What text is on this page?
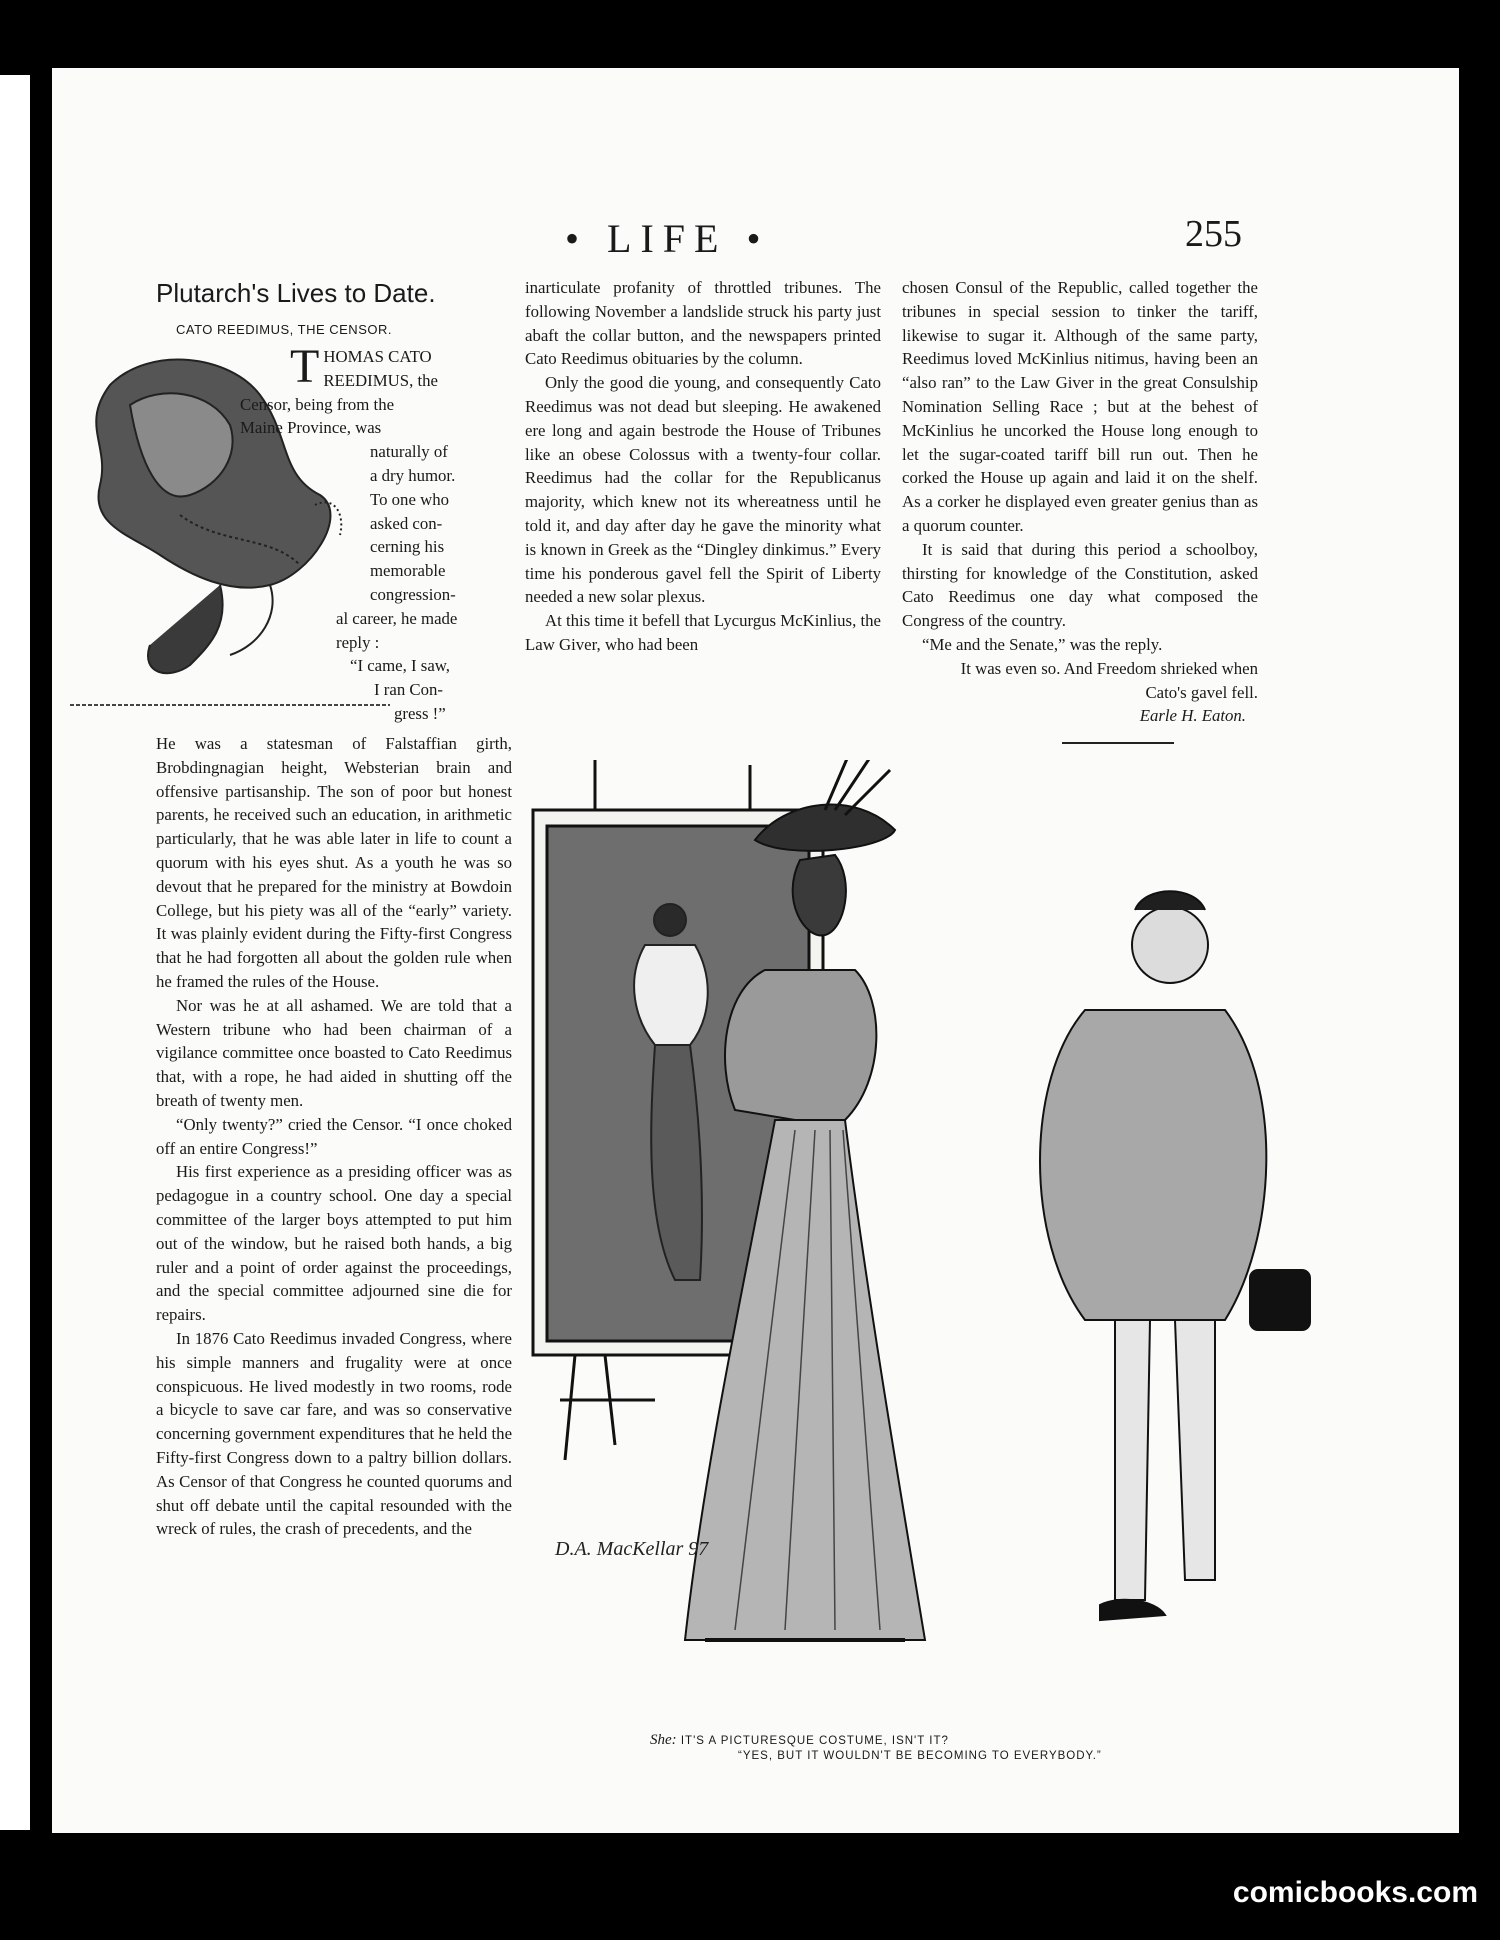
• LIFE •	255
Plutarch's Lives to Date.
CATO REEDIMUS, THE CENSOR.
T HOMAS CATO
REEDIMUS, the
Censor, being from the
Maine Province, was
naturally of
a dry humor.
To one who
asked con-
cerning his
memorable
congression-
al career, he made
reply :
“I came, I saw,
I ran Con-
gress !”

He was a statesman of Falstaffian girth, Brobdingnagian height, Websterian brain and offensive partisanship. The son of poor but honest parents, he received such an education, in arithmetic particularly, that he was able later in life to count a quorum with his eyes shut. As a youth he was so devout that he prepared for the ministry at Bowdoin College, but his piety was all of the “early” variety. It was plainly evident during the Fifty-first Congress that he had forgotten all about the golden rule when he framed the rules of the House.

Nor was he at all ashamed. We are told that a Western tribune who had been chairman of a vigilance committee once boasted to Cato Reedimus that, with a rope, he had aided in shutting off the breath of twenty men.

“Only twenty?” cried the Censor. “I once choked off an entire Congress!”

His first experience as a presiding officer was as pedagogue in a country school. One day a special committee of the larger boys attempted to put him out of the window, but he raised both hands, a big ruler and a point of order against the proceedings, and the special committee adjourned sine die for repairs.

In 1876 Cato Reedimus invaded Congress, where his simple manners and frugality were at once conspicuous. He lived modestly in two rooms, rode a bicycle to save car fare, and was so conservative concerning government expenditures that he held the Fifty-first Congress down to a paltry billion dollars. As Censor of that Congress he counted quorums and shut off debate until the capital resounded with the wreck of rules, the crash of precedents, and the

inarticulate profanity of throttled tribunes. The following November a landslide struck his party just abaft the collar button, and the newspapers printed Cato Reedimus obituaries by the column.

Only the good die young, and consequently Cato Reedimus was not dead but sleeping. He awakened ere long and again bestrode the House of Tribunes like an obese Colossus with a twenty-four collar. Reedimus had the collar for the Republicanus majority, which knew not its whereatness until he told it, and day after day he gave the minority what is known in Greek as the “Dingley dinkimus.” Every time his ponderous gavel fell the Spirit of Liberty needed a new solar plexus.

At this time it befell that Lycurgus McKinlius, the Law Giver, who had been

chosen Consul of the Republic, called together the tribunes in special session to tinker the tariff, likewise to sugar it. Although of the same party, Reedimus loved McKinlius nitimus, having been an “also ran” to the Law Giver in the great Consulship Nomination Selling Race ; but at the behest of McKinlius he uncorked the House long enough to let the sugar-coated tariff bill run out. Then he corked the House up again and laid it on the shelf. As a corker he displayed even greater genius than as a quorum counter.

It is said that during this period a schoolboy, thirsting for knowledge of the Constitution, asked Cato Reedimus one day what composed the Congress of the country.

“Me and the Senate,” was the reply.

It was even so. And Freedom shrieked when Cato's gavel fell.

Earle H. Eaton.
D.A. MacKellar 97
She: IT'S A PICTURESQUE COSTUME, ISN'T IT?
“YES, BUT IT WOULDN'T BE BECOMING TO EVERYBODY.”
comicbooks.com
